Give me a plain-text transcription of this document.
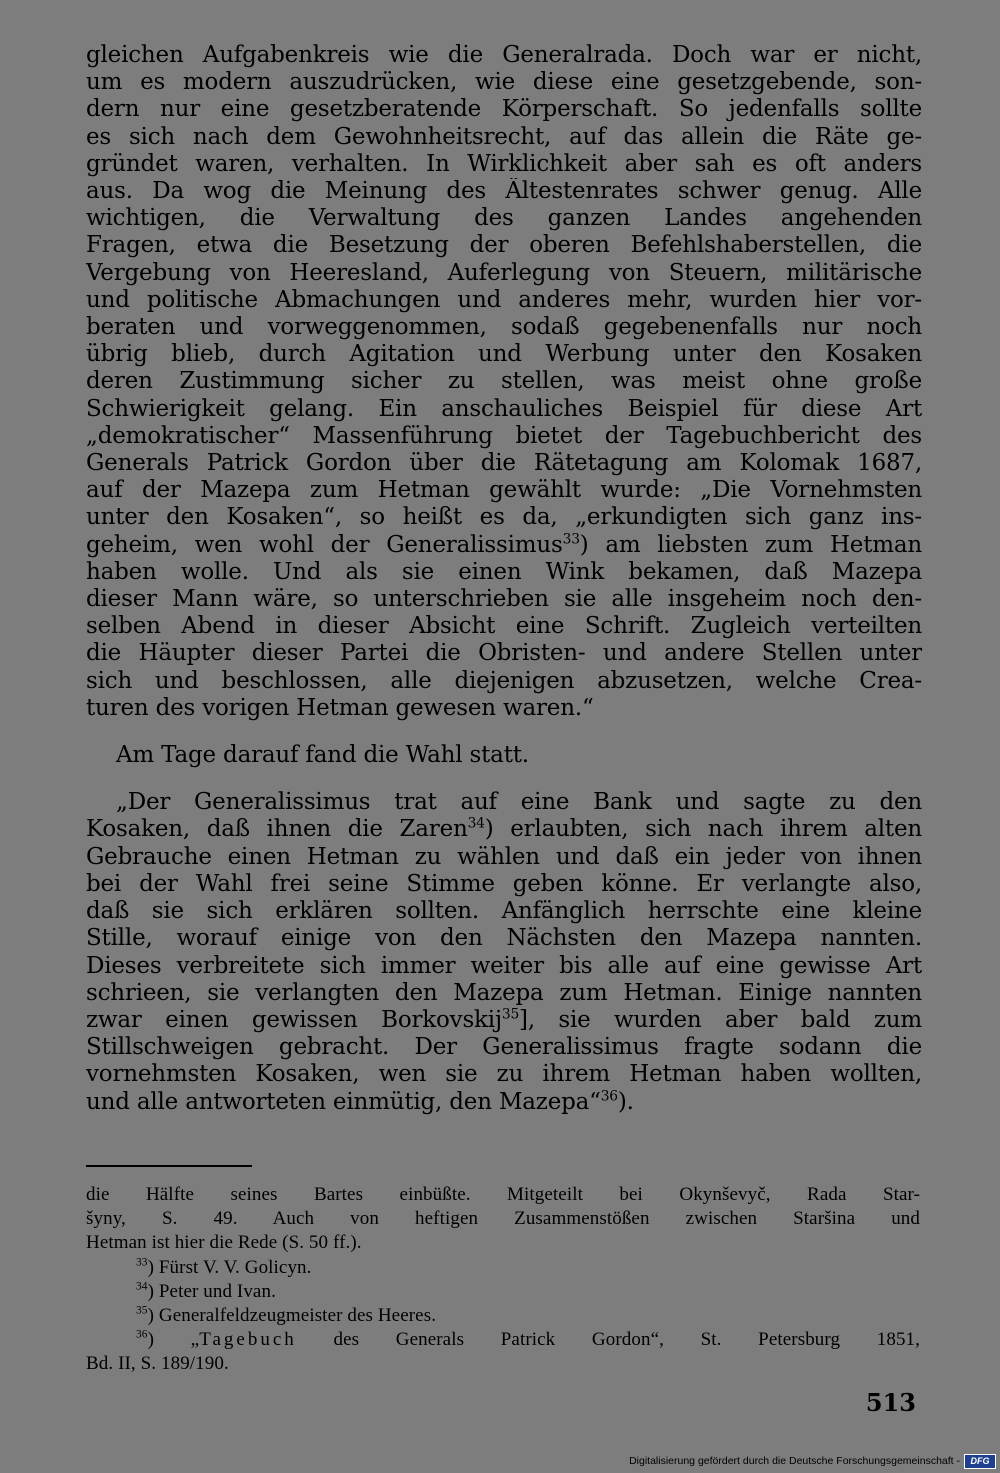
gleichen Aufgabenkreis wie die Generalrada. Doch war er nicht,
um es modern auszudrücken, wie diese eine gesetzgebende, son-
dern nur eine gesetzberatende Körperschaft. So jedenfalls sollte
es sich nach dem Gewohnheitsrecht, auf das allein die Räte ge-
gründet waren, verhalten. In Wirklichkeit aber sah es oft anders
aus. Da wog die Meinung des Ältestenrates schwer genug. Alle
wichtigen, die Verwaltung des ganzen Landes angehenden
Fragen, etwa die Besetzung der oberen Befehlshaberstellen, die
Vergebung von Heeresland, Auferlegung von Steuern, militärische
und politische Abmachungen und anderes mehr, wurden hier vor-
beraten und vorweggenommen, sodaß gegebenenfalls nur noch
übrig blieb, durch Agitation und Werbung unter den Kosaken
deren Zustimmung sicher zu stellen, was meist ohne große
Schwierigkeit gelang. Ein anschauliches Beispiel für diese Art
„demokratischer“ Massenführung bietet der Tagebuchbericht des
Generals Patrick Gordon über die Rätetagung am Kolomak 1687,
auf der Mazepa zum Hetman gewählt wurde: „Die Vornehmsten
unter den Kosaken“, so heißt es da, „erkundigten sich ganz ins-
geheim, wen wohl der Generalissimus$^{33}$) am liebsten zum Hetman
haben wolle. Und als sie einen Wink bekamen, daß Mazepa
dieser Mann wäre, so unterschrieben sie alle insgeheim noch den-
selben Abend in dieser Absicht eine Schrift. Zugleich verteilten
die Häupter dieser Partei die Obristen- und andere Stellen unter
sich und beschlossen, alle diejenigen abzusetzen, welche Crea-
turen des vorigen Hetman gewesen waren.“
Am Tage darauf fand die Wahl statt.
„Der Generalissimus trat auf eine Bank und sagte zu den
Kosaken, daß ihnen die Zaren$^{34}$) erlaubten, sich nach ihrem alten
Gebrauche einen Hetman zu wählen und daß ein jeder von ihnen
bei der Wahl frei seine Stimme geben könne. Er verlangte also,
daß sie sich erklären sollten. Anfänglich herrschte eine kleine
Stille, worauf einige von den Nächsten den Mazepa nannten.
Dieses verbreitete sich immer weiter bis alle auf eine gewisse Art
schrieen, sie verlangten den Mazepa zum Hetman. Einige nannten
zwar einen gewissen Borkovskij$^{35}$], sie wurden aber bald zum
Stillschweigen gebracht. Der Generalissimus fragte sodann die
vornehmsten Kosaken, wen sie zu ihrem Hetman haben wollten,
und alle antworteten einmütig, den Mazepa“$^{36}$).
die Hälfte seines Bartes einbüßte. Mitgeteilt bei Okynševyč, Rada Star-
šyny, S. 49. Auch von heftigen Zusammenstößen zwischen Staršina und
Hetman ist hier die Rede (S. 50 ff.).
$^{33}$) Fürst V. V. Golicyn.
$^{34}$) Peter und Ivan.
$^{35}$) Generalfeldzeugmeister des Heeres.
$^{36}$) „Tagebuch des Generals Patrick Gordon“, St. Petersburg 1851,
Bd. II, S. 189/190.
513
Digitalisierung gefördert durch die Deutsche Forschungsgemeinschaft -	DFG
